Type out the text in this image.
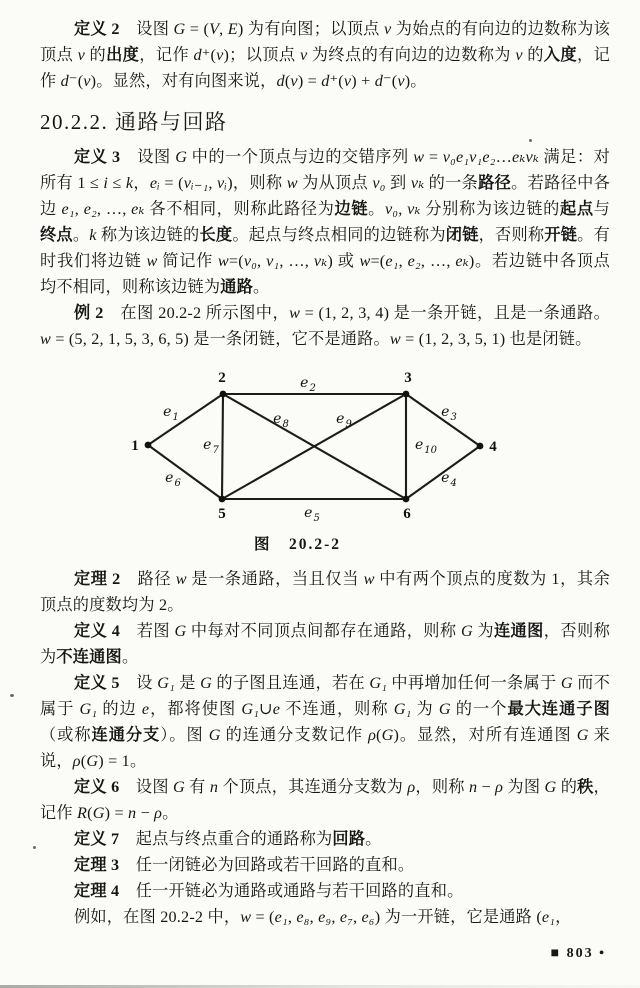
定义 2　设图 G = (V, E) 为有向图；以顶点 v 为始点的有向边的边数称为该顶点 v 的出度，记作 d⁺(v)；以顶点 v 为终点的有向边的边数称为 v 的入度，记作 d⁻(v)。显然，对有向图来说，d(v) = d⁺(v) + d⁻(v)。

20.2.2. 通路与回路

定义 3　设图 G 中的一个顶点与边的交错序列 w = v₀e₁v₁e₂…eₖvₖ 满足：对所有 1 ≤ i ≤ k，eᵢ = (vᵢ₋₁, vᵢ)，则称 w 为从顶点 v₀ 到 vₖ 的一条路径。若路径中各边 e₁, e₂, …, eₖ 各不相同，则称此路径为边链。v₀, vₖ 分别称为该边链的起点与终点。k 称为该边链的长度。起点与终点相同的边链称为闭链，否则称开链。有时我们将边链 w 简记作 w=(v₀, v₁, …, vₖ) 或 w=(e₁, e₂, …, eₖ)。若边链中各顶点均不相同，则称该边链为通路。

例 2　在图 20.2-2 所示图中，w = (1, 2, 3, 4) 是一条开链，且是一条通路。w = (5, 2, 1, 5, 3, 6, 5) 是一条闭链，它不是通路。w = (1, 2, 3, 5, 1) 也是闭链。

$e_1$
$e_2$
$e_3$
$e_4$
$e_5$
$e_6$
$e_7$
$e_8$	$e_9$
$e_{10}$
1
2	3
4
5	6
图　20.2-2

定理 2　路径 w 是一条通路，当且仅当 w 中有两个顶点的度数为 1，其余顶点的度数均为 2。

定义 4　若图 G 中每对不同顶点间都存在通路，则称 G 为连通图，否则称为不连通图。

定义 5　设 G₁ 是 G 的子图且连通，若在 G₁ 中再增加任何一条属于 G 而不属于 G₁ 的边 e，都将使图 G₁∪e 不连通，则称 G₁ 为 G 的一个最大连通子图（或称连通分支）。图 G 的连通分支数记作 ρ(G)。显然，对所有连通图 G 来说，ρ(G) = 1。

定义 6　设图 G 有 n 个顶点，其连通分支数为 ρ，则称 n − ρ 为图 G 的秩，记作 R(G) = n − ρ。

定义 7　起点与终点重合的通路称为回路。

定理 3　任一闭链必为回路或若干回路的直和。

定理 4　任一开链必为通路或通路与若干回路的直和。

例如，在图 20.2-2 中，w = (e₁, e₈, e₉, e₇, e₆) 为一开链，它是通路 (e₁，

■ 803 •
